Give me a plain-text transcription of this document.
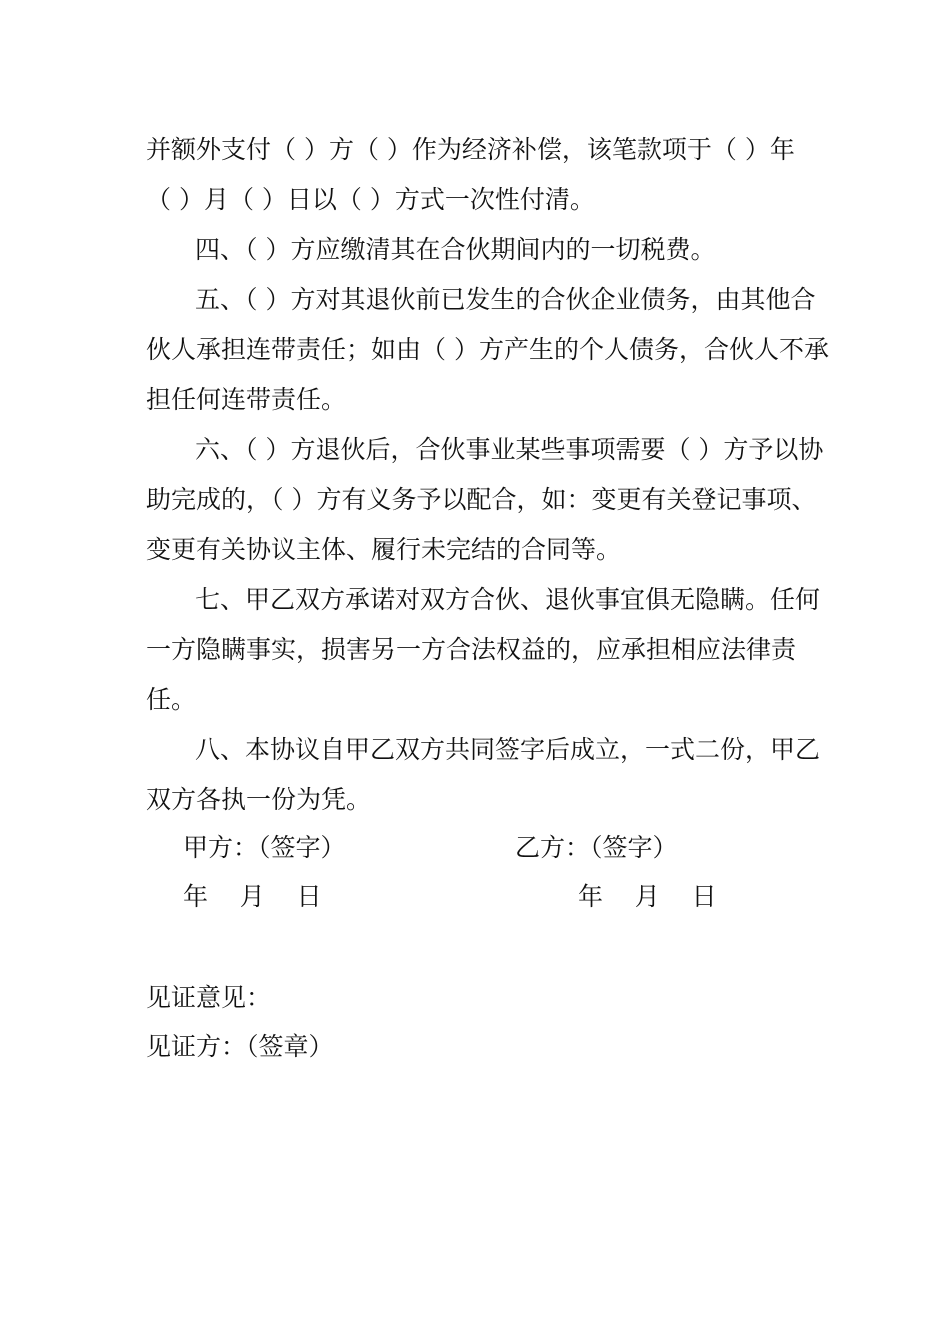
并额外支付（ ）方（ ）作为经济补偿，该笔款项于（ ）年

（ ）月（ ）日以（ ）方式一次性付清。

四、（ ）方应缴清其在合伙期间内的一切税费。

五、（ ）方对其退伙前已发生的合伙企业债务，由其他合

伙人承担连带责任；如由（ ）方产生的个人债务，合伙人不承

担任何连带责任。

六、（ ）方退伙后，合伙事业某些事项需要（ ）方予以协

助完成的，（ ）方有义务予以配合，如：变更有关登记事项、

变更有关协议主体、履行未完结的合同等。

七、甲乙双方承诺对双方合伙、退伙事宜俱无隐瞒。任何

一方隐瞒事实，损害另一方合法权益的，应承担相应法律责

任。

八、本协议自甲乙双方共同签字后成立，一式二份，甲乙

双方各执一份为凭。

甲方：（签字）	乙方：（签字）

年    月    日	年    月    日

见证意见：

见证方：（签章）
